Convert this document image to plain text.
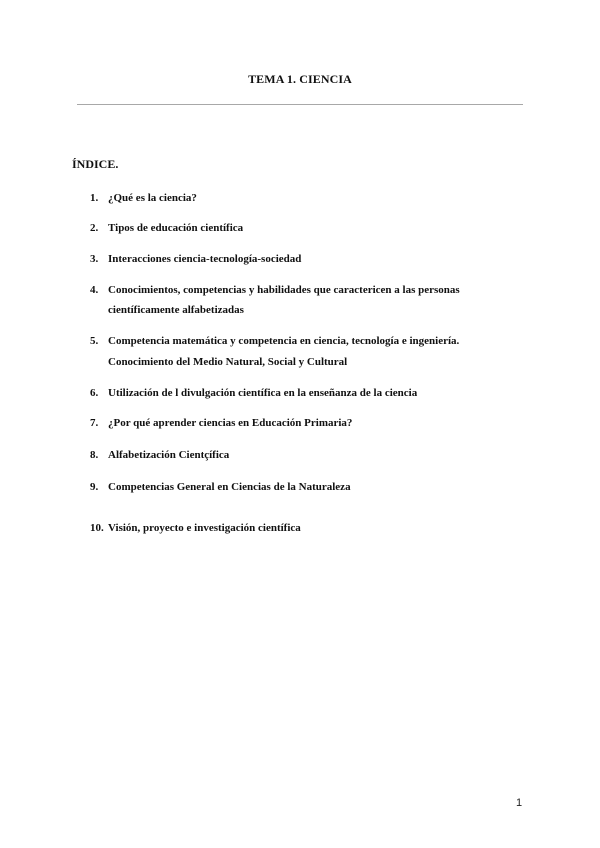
TEMA 1. CIENCIA
ÍNDICE.
1. ¿Qué es la ciencia?
2. Tipos de educación científica
3. Interacciones ciencia-tecnología-sociedad
4. Conocimientos, competencias y habilidades que caractericen a las personas
científicamente alfabetizadas
5. Competencia matemática y competencia en ciencia, tecnología e ingeniería.
Conocimiento del Medio Natural, Social y Cultural
6. Utilización de l divulgación científica en la enseñanza de la ciencia
7. ¿Por qué aprender ciencias en Educación Primaria?
8. Alfabetización Cientçífica
9. Competencias General en Ciencias de la Naturaleza
10. Visión, proyecto e investigación científica
1
